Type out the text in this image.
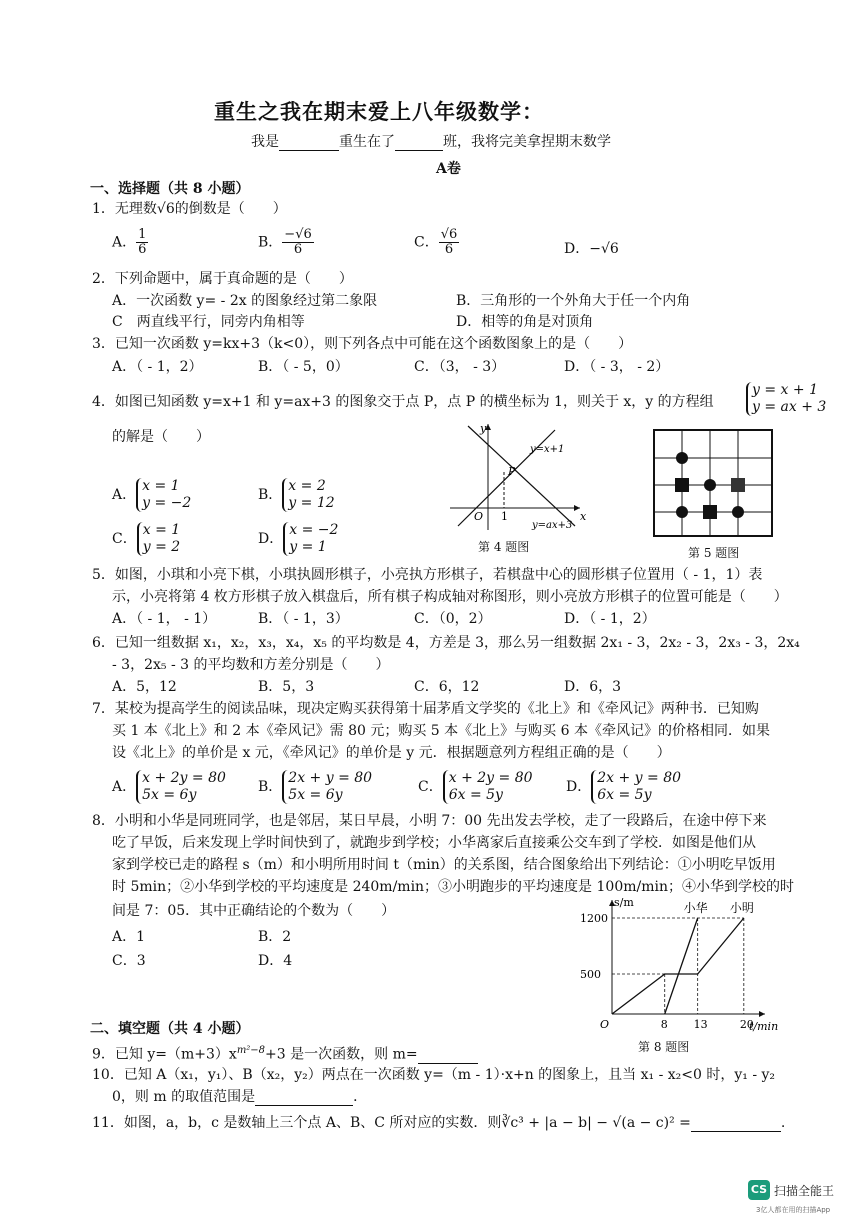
重生之我在期末爱上八年级数学：
我是	重生在了	班，我将完美拿捏期末数学
A卷
一、选择题（共 8 小题）
1．无理数√6的倒数是（　　）
A． $\frac{1}{6}$	B． $\frac{-√6}{6}$	C． $\frac{√6}{6}$	D．−√6
2．下列命题中，属于真命题的是（　　）
A．一次函数 y= - 2x 的图象经过第二象限	B．三角形的一个外角大于任一个内角
C　两直线平行，同旁内角相等	D．相等的角是对顶角
3．已知一次函数 y=kx+3（k<0），则下列各点中可能在这个函数图象上的是（　　）
A．（ - 1，2）	B．（ - 5，0）	C．（3， - 3）	D．（ - 3， - 2）
4．如图已知函数 y=x+1 和 y=ax+3 的图象交于点 P，点 P 的横坐标为 1，则关于 x，y 的方程组
y = x + 1
y = ax + 3
的解是（　　）
A．
x = 1
y = −2	B．
x = 2
y = 12
C．
x = 1
y = 2	D．
x = −2
y = 1
y
x
O 1
P
y=x+1
y=ax+3
第 4 题图	第 5 题图
5．如图，小琪和小亮下棋，小琪执圆形棋子，小亮执方形棋子，若棋盘中心的圆形棋子位置用（ - 1，1）表
示，小亮将第 4 枚方形棋子放入棋盘后，所有棋子构成轴对称图形，则小亮放方形棋子的位置可能是（　　）
A．（ - 1， - 1）	B．（ - 1，3）	C．（0，2）	D．（ - 1，2）
6．已知一组数据 x₁，x₂，x₃，x₄，x₅ 的平均数是 4，方差是 3，那么另一组数据 2x₁ - 3，2x₂ - 3，2x₃ - 3，2x₄
- 3，2x₅ - 3 的平均数和方差分别是（　　）
A．5，12	B．5，3	C．6，12	D．6，3
7．某校为提高学生的阅读品味，现决定购买获得第十届茅盾文学奖的《北上》和《牵风记》两种书．已知购
买 1 本《北上》和 2 本《牵风记》需 80 元；购买 5 本《北上》与购买 6 本《牵风记》的价格相同．如果
设《北上》的单价是 x 元，《牵风记》的单价是 y 元．根据题意列方程组正确的是（　　）
A．
x + 2y = 80
5x = 6y	B．
2x + y = 80
5x = 6y	C．
x + 2y = 80
6x = 5y	D．
2x + y = 80
6x = 5y
8．小明和小华是同班同学，也是邻居，某日早晨，小明 7：00 先出发去学校，走了一段路后，在途中停下来
吃了早饭，后来发现上学时间快到了，就跑步到学校；小华离家后直接乘公交车到了学校．如图是他们从
家到学校已走的路程 s（m）和小明所用时间 t（min）的关系图，结合图象给出下列结论：①小明吃早饭用
时 5min；②小华到学校的平均速度是 240m/min；③小明跑步的平均速度是 100m/min；④小华到学校的时
间是 7：05．其中正确结论的个数为（　　）
A．1	B．2
C．3	D．4
1200
500
O	8 13	20
s/m
t/min
小明
小华
第 8 题图
二、填空题（共 4 小题）
9．已知 $y=(m+3)x^{m^2-8}+3$ 是一次函数，则 m=
10．已知 A（x₁，y₁）、B（x₂，y₂）两点在一次函数 y=（m - 1）·x+n 的图象上，且当 x₁ - x₂<0 时，y₁ - y₂
0，则 m 的取值范围是	．
11．如图，a，b，c 是数轴上三个点 A、B、C 所对应的实数．则∛c³ + |a − b| − √(a − c)² =	.
CS 扫描全能王
3亿人都在用的扫描App
